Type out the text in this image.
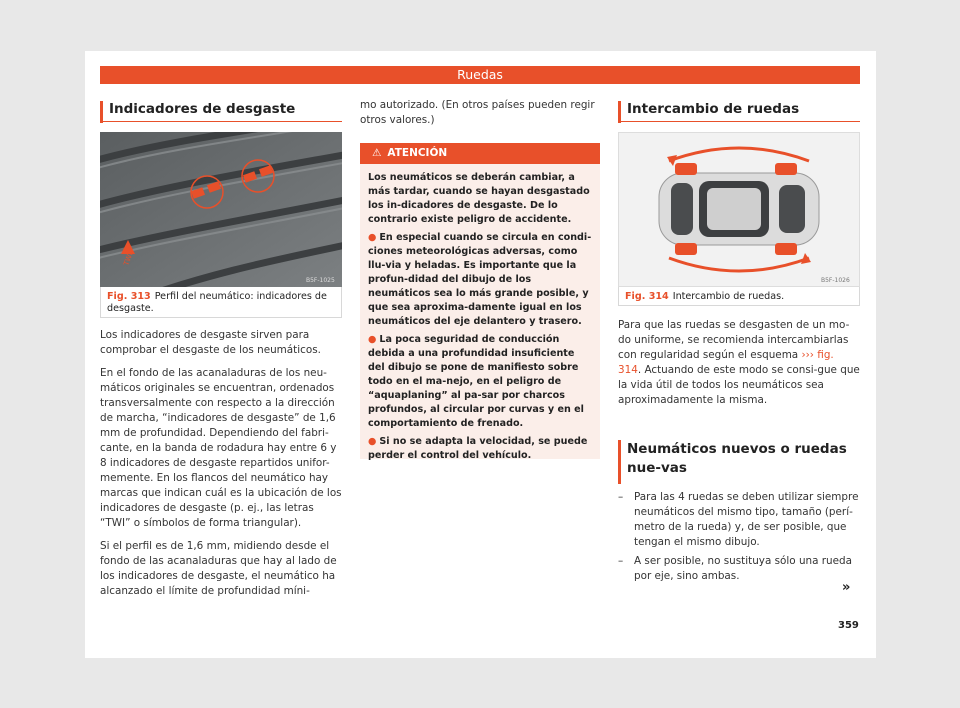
Ruedas
Indicadores de desgaste
TWI
B5F-1025
Fig. 313 Perfil del neumático: indicadores de desgaste.

Los indicadores de desgaste sirven para comprobar el desgaste de los neumáticos.

En el fondo de las acanaladuras de los neu-máticos originales se encuentran, ordenados transversalmente con respecto a la dirección de marcha, “indicadores de desgaste” de 1,6 mm de profundidad. Dependiendo del fabri-cante, en la banda de rodadura hay entre 6 y 8 indicadores de desgaste repartidos unifor-memente. En los flancos del neumático hay marcas que indican cuál es la ubicación de los indicadores de desgaste (p. ej., las letras “TWI” o símbolos de forma triangular).

Si el perfil es de 1,6 mm, midiendo desde el fondo de las acanaladuras que hay al lado de los indicadores de desgaste, el neumático ha alcanzado el límite de profundidad míni-

mo autorizado. (En otros países pueden regir otros valores.)

⚠ ATENCIÓN

Los neumáticos se deberán cambiar, a más tardar, cuando se hayan desgastado los in-dicadores de desgaste. De lo contrario existe peligro de accidente.

● En especial cuando se circula en condi-ciones meteorológicas adversas, como llu-via y heladas. Es importante que la profun-didad del dibujo de los neumáticos sea lo más grande posible, y que sea aproxima-damente igual en los neumáticos del eje delantero y trasero.

● La poca seguridad de conducción debida a una profundidad insuficiente del dibujo se pone de manifiesto sobre todo en el ma-nejo, en el peligro de “aquaplaning” al pa-sar por charcos profundos, al circular por curvas y en el comportamiento de frenado.

● Si no se adapta la velocidad, se puede perder el control del vehículo.

Intercambio de ruedas
B5F-1026
Fig. 314 Intercambio de ruedas.

Para que las ruedas se desgasten de un mo-do uniforme, se recomienda intercambiarlas con regularidad según el esquema ››› fig. 314. Actuando de este modo se consi-gue que la vida útil de todos los neumáticos sea aproximadamente la misma.

Neumáticos nuevos o ruedas nue-vas
– Para las 4 ruedas se deben utilizar siempre neumáticos del mismo tipo, tamaño (perí-metro de la rueda) y, de ser posible, que tengan el mismo dibujo.
– A ser posible, no sustituya sólo una rueda por eje, sino ambas.
»
359
